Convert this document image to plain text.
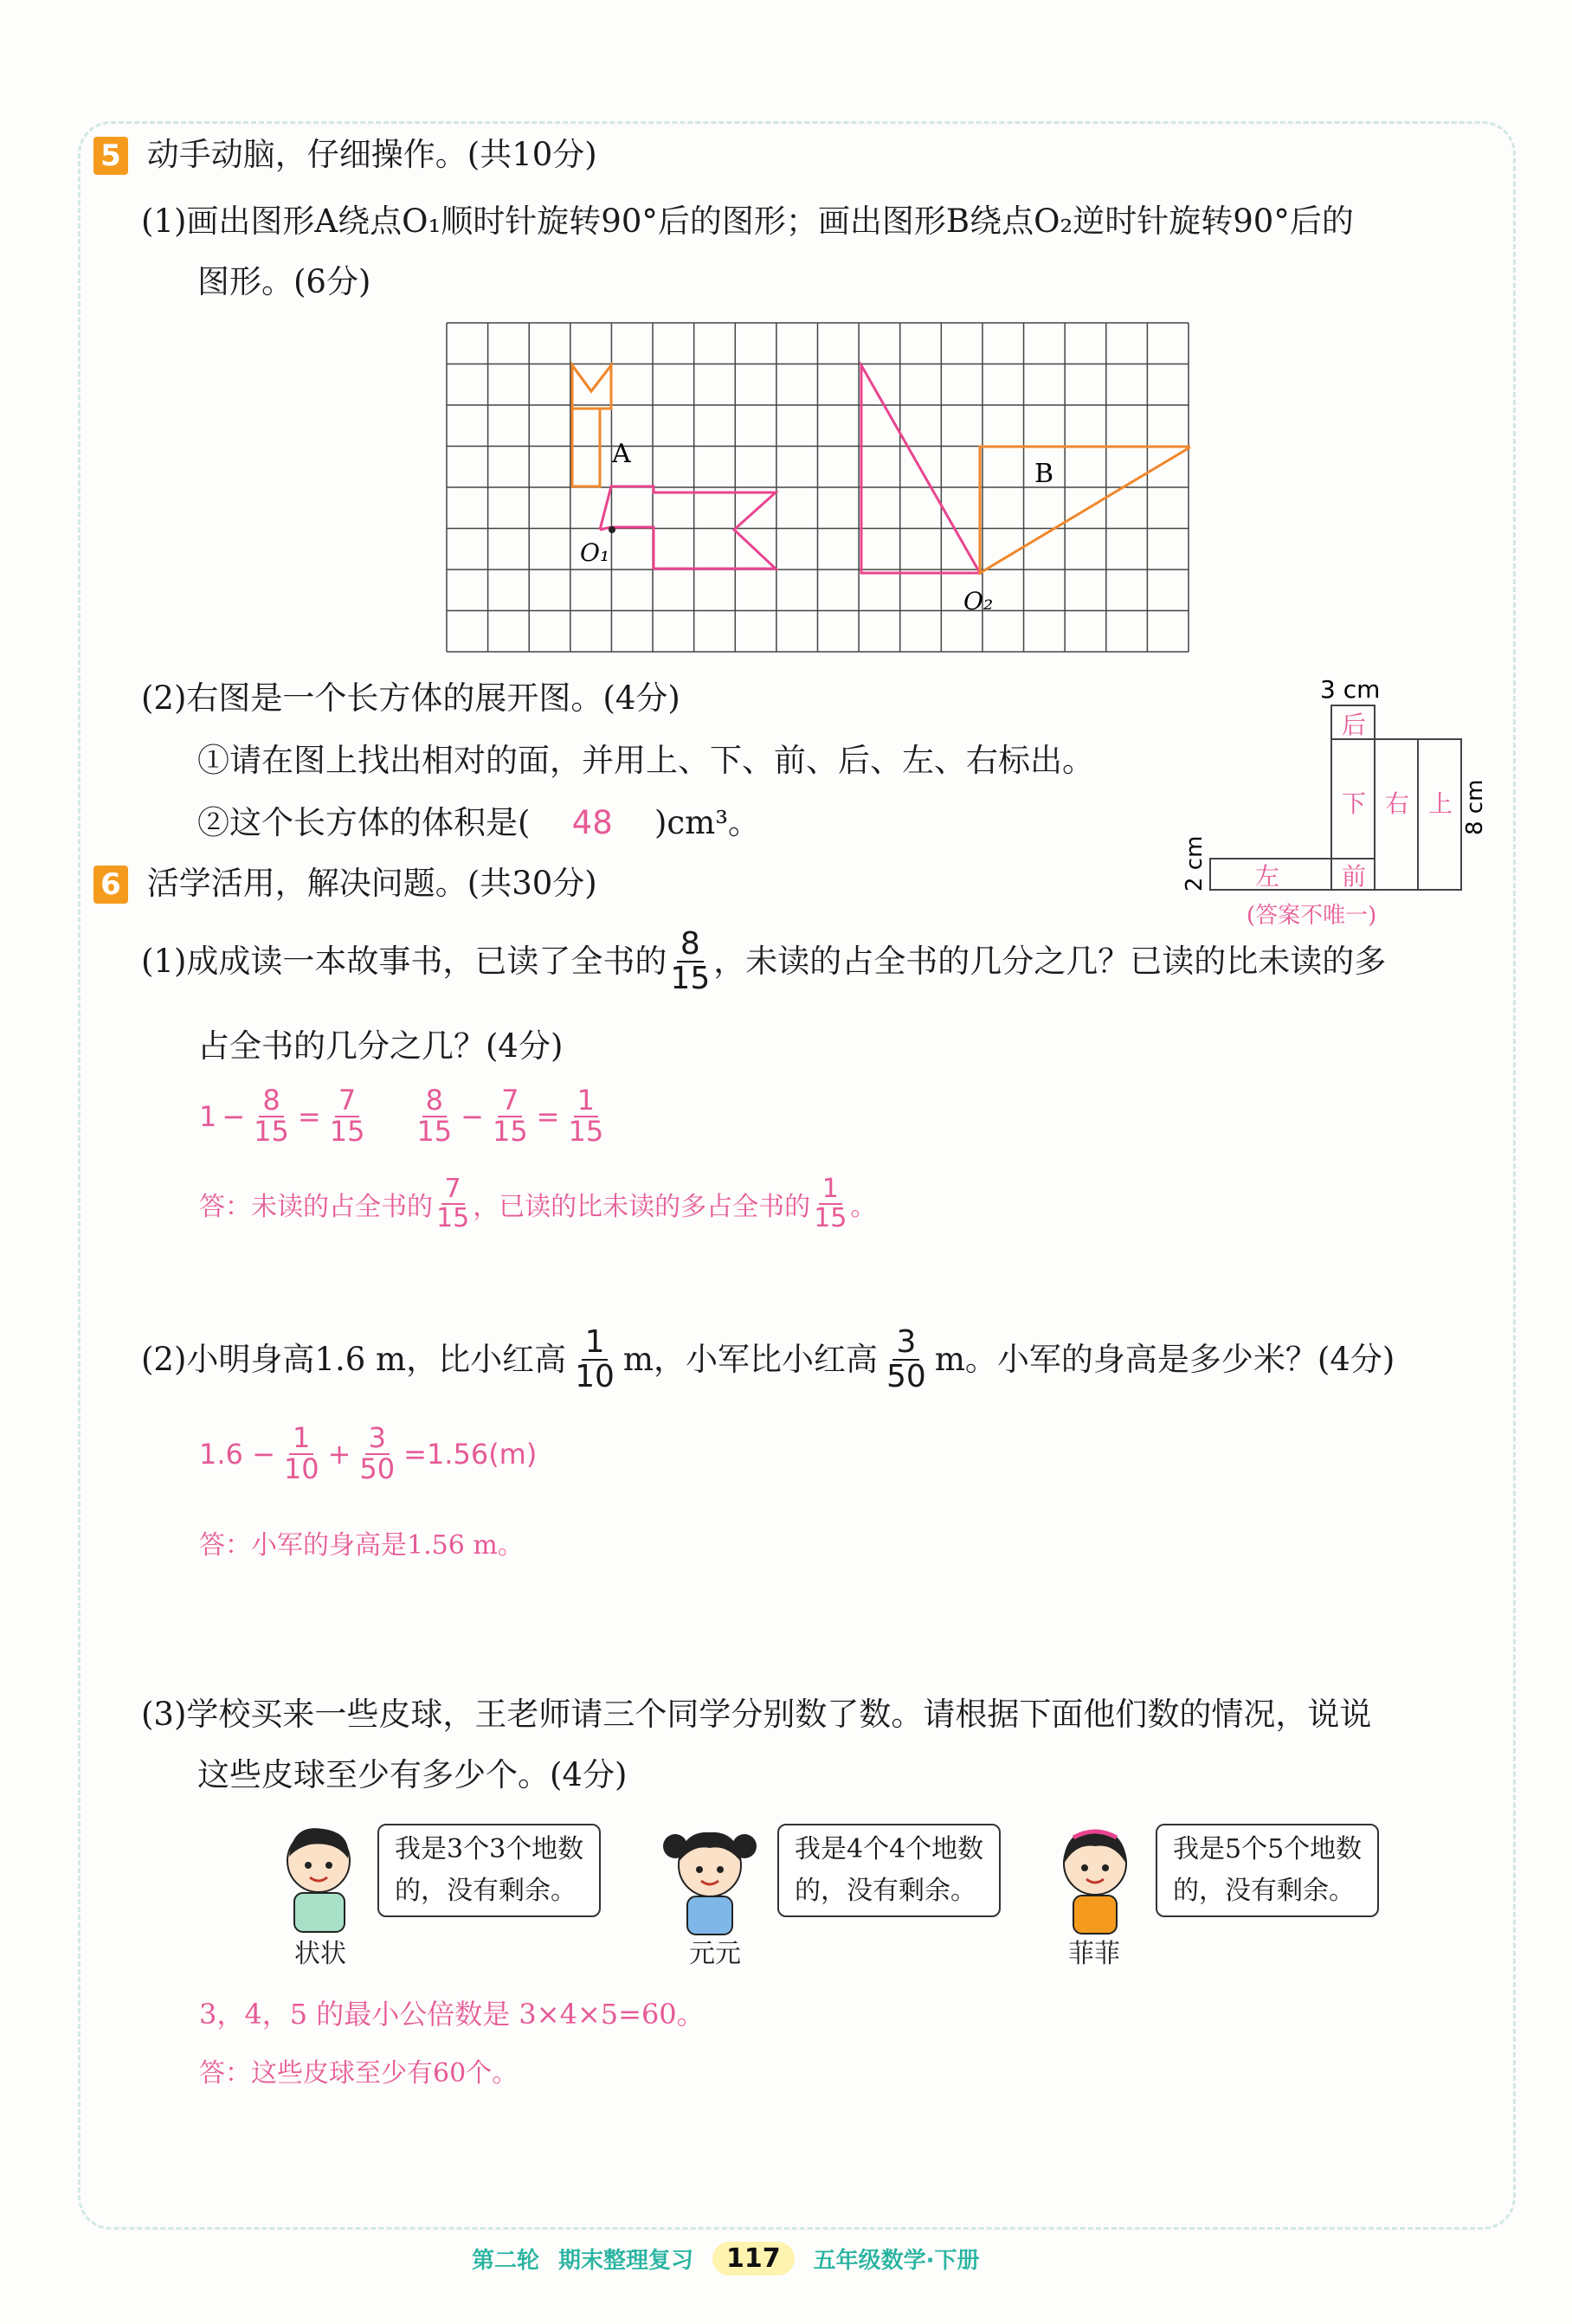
5 动手动脑，仔细操作。(共10分)
(1)画出图形A绕点O₁顺时针旋转90°后的图形；画出图形B绕点O₂逆时针旋转90°后的
图形。(6分)
A
B
O₁
O₂
(2)右图是一个长方体的展开图。(4分)
①请在图上找出相对的面，并用上、下、前、后、左、右标出。
②这个长方体的体积是( 48 )cm³。
3 cm
后
下 右 上
左	前
8 cm
2 cm
(答案不唯一)
6 活学活用，解决问题。(共30分)
(1)成成读一本故事书，已读了全书的 $\frac{8}{15}$ ，未读的占全书的几分之几？已读的比未读的多
占全书的几分之几？(4分)
$1 - \frac{8}{15} = \frac{7}{15} \frac{8}{15} - \frac{7}{15} = \frac{1}{15}$
答：未读的占全书的 $\frac{7}{15}$ ，已读的比未读的多占全书的 $\frac{1}{15}$ 。
(2)小明身高1.6 m，比小红高 $\frac{1}{10}$ m，小军比小红高 $\frac{3}{50}$ m。小军的身高是多少米？(4分)
$1.6 - \frac{1}{10} + \frac{3}{50} =1.56(m)$
答：小军的身高是1.56 m。
(3)学校买来一些皮球，王老师请三个同学分别数了数。请根据下面他们数的情况，说说
这些皮球至少有多少个。(4分)
我是3个3个地数
的，没有剩余。
状状
我是4个4个地数
的，没有剩余。
元元
我是5个5个地数
的，没有剩余。
菲菲
3，4，5 的最小公倍数是 3×4×5=60。
答：这些皮球至少有60个。
第二轮 期末整理复习	117	五年级数学·下册
